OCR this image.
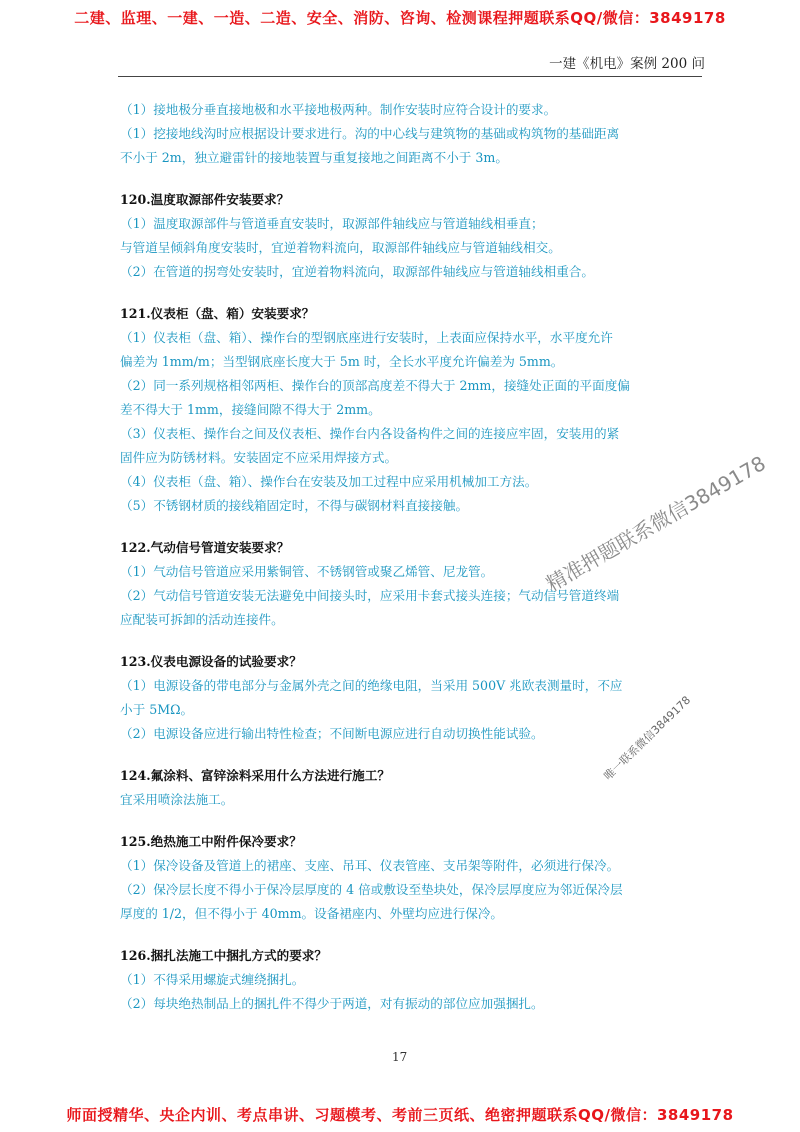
二建、监理、一建、一造、二造、安全、消防、咨询、检测课程押题联系QQ/微信：3849178
一建《机电》案例 200 问
（1）接地极分垂直接地极和水平接地极两种。制作安装时应符合设计的要求。
（1）挖接地线沟时应根据设计要求进行。沟的中心线与建筑物的基础或构筑物的基础距离
不小于 2m，独立避雷针的接地装置与重复接地之间距离不小于 3m。
120.温度取源部件安装要求？
（1）温度取源部件与管道垂直安装时，取源部件轴线应与管道轴线相垂直；
与管道呈倾斜角度安装时，宜逆着物料流向，取源部件轴线应与管道轴线相交。
（2）在管道的拐弯处安装时，宜逆着物料流向，取源部件轴线应与管道轴线相重合。
121.仪表柜（盘、箱）安装要求？
（1）仪表柜（盘、箱）、操作台的型钢底座进行安装时，上表面应保持水平，水平度允许
偏差为 1mm/m；当型钢底座长度大于 5m 时，全长水平度允许偏差为 5mm。
（2）同一系列规格相邻两柜、操作台的顶部高度差不得大于 2mm，接缝处正面的平面度偏
差不得大于 1mm，接缝间隙不得大于 2mm。
（3）仪表柜、操作台之间及仪表柜、操作台内各设备构件之间的连接应牢固，安装用的紧
固件应为防锈材料。安装固定不应采用焊接方式。
（4）仪表柜（盘、箱）、操作台在安装及加工过程中应采用机械加工方法。
（5）不锈钢材质的接线箱固定时，不得与碳钢材料直接接触。
122.气动信号管道安装要求？
（1）气动信号管道应采用紫铜管、不锈钢管或聚乙烯管、尼龙管。
（2）气动信号管道安装无法避免中间接头时，应采用卡套式接头连接；气动信号管道终端
应配装可拆卸的活动连接件。
123.仪表电源设备的试验要求？
（1）电源设备的带电部分与金属外壳之间的绝缘电阻，当采用 500V 兆欧表测量时，不应
小于 5MΩ。
（2）电源设备应进行输出特性检查；不间断电源应进行自动切换性能试验。
124.氟涂料、富锌涂料采用什么方法进行施工？
宜采用喷涂法施工。
125.绝热施工中附件保冷要求？
（1）保冷设备及管道上的裙座、支座、吊耳、仪表管座、支吊架等附件，必须进行保冷。
（2）保冷层长度不得小于保冷层厚度的 4 倍或敷设至垫块处，保冷层厚度应为邻近保冷层
厚度的 1/2，但不得小于 40mm。设备裙座内、外壁均应进行保冷。
126.捆扎法施工中捆扎方式的要求？
（1）不得采用螺旋式缠绕捆扎。
（2）每块绝热制品上的捆扎件不得少于两道，对有振动的部位应加强捆扎。
17
精准押题联系微信3849178
唯一联系微信3849178
师面授精华、央企内训、考点串讲、习题模考、考前三页纸、绝密押题联系QQ/微信：3849178
